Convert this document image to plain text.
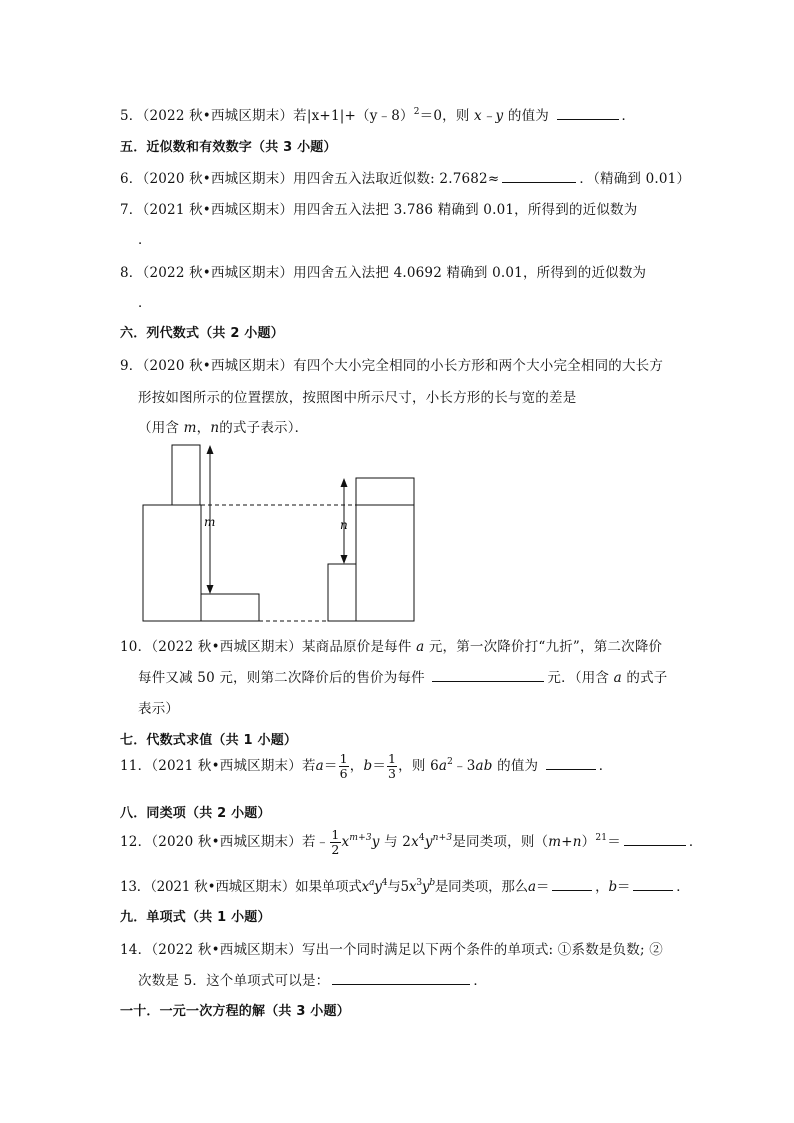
5．（2022 秋•西城区期末）若|x+1|+（y﹣8）$^2$＝0，则 x﹣y 的值为	．
五．近似数和有效数字（共 3 小题）
6．（2020 秋•西城区期末）用四舍五入法取近似数: 2.7682≈	．（精确到 0.01）
7．（2021 秋•西城区期末）用四舍五入法把 3.786 精确到 0.01，所得到的近似数为
．
8．（2022 秋•西城区期末）用四舍五入法把 4.0692 精确到 0.01，所得到的近似数为
．
六．列代数式（共 2 小题）
9．（2020 秋•西城区期末）有四个大小完全相同的小长方形和两个大小完全相同的大长方
形按如图所示的位置摆放，按照图中所示尺寸，小长方形的长与宽的差是
（用含 m，n的式子表示）．
m	n
10．（2022 秋•西城区期末）某商品原价是每件 a 元，第一次降价打“九折”，第二次降价
每件又减 50 元，则第二次降价后的售价为每件	元．（用含 a 的式子
表示）
七．代数式求值（共 1 小题）
11．（2021 秋•西城区期末）若$a= \frac{1}{6}$ ，$b= \frac{1}{3}$ ，则 $6a^2﹣3ab$ 的值为	．
八．同类项（共 2 小题）
12．（2020 秋•西城区期末）若﹣ $\frac{1}{2} x^{m+3}y$ 与 $2x^4y^{n+3}$是同类项，则$(m+n)^{21}=$	．
13．（2021 秋•西城区期末）如果单项式$x^ay^4$与$5x^3y^b$是同类项，那么a＝	，b＝	．
九．单项式（共 1 小题）
14．（2022 秋•西城区期末）写出一个同时满足以下两个条件的单项式: ①系数是负数; ②
次数是 5．这个单项式可以是：	．
一十．一元一次方程的解（共 3 小题）
